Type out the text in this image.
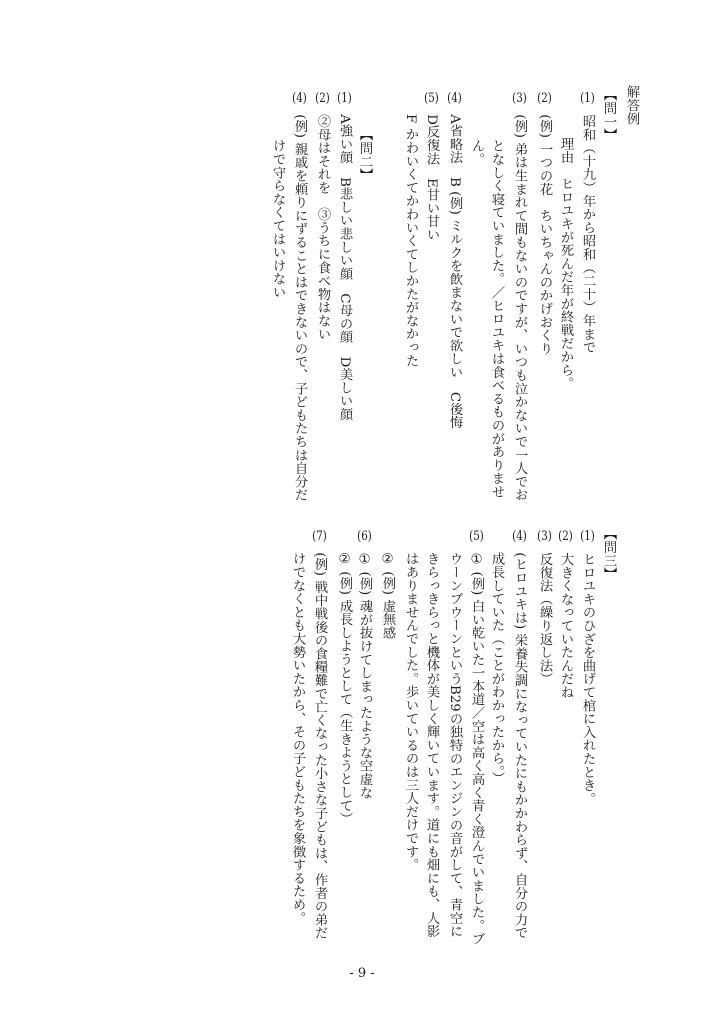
解答例
【問一】
(1)昭和（十九）年から昭和（二十）年まで
理由　ヒロユキが死んだ年が終戦だから。
(2)(例) 一つの花　ちいちゃんのかげおくり
(3)(例) 弟は生まれて間もないのですが、いつも泣かないで一人でお
となしく寝ていました。／ヒロユキは食べるものがありませ
ん。
(4)A省略法　B (例) ミルクを飲まないで欲しい　C後悔
(5)D反復法　E甘い甘い
F かわいくてかわいくてしかたがなかった
【問二】
(1)A強い顔　B悲しい悲しい顔　C母の顔　D美しい顔
(2)②母はそれを　③うちに食べ物はない
(4)(例) 親戚を頼りにずることはできないので、子どもたちは自分だ
けで守らなくてはいけない
【問三】
(1)ヒロユキのひざを曲げて棺に入れたとき。
(2)大きくなっていたんだね
(3)反復法（繰り返し法）
(4)(ヒロユキは) 栄養失調になっていたにもかかわらず、自分の力で
成長していた（ことがわかったから。）
(5)① (例) 白い乾いた一本道／空は高く高く青く澄んでいました。ブ
ウーンブウーンというB29の独特のエンジンの音がして、青空に
きらっきらっと機体が美しく輝いています。道にも畑にも、人影
はありませんでした。歩いているのは三人だけです。
② (例) 虚無感
(6)① (例) 魂が抜けてしまったような空虚な
② (例) 成長しようとして（生きようとして）
(7)(例) 戦中戦後の食糧難で亡くなった小さな子どもは、作者の弟だ
けでなくとも大勢いたから、その子どもたちを象徴するため。
- 9 -
